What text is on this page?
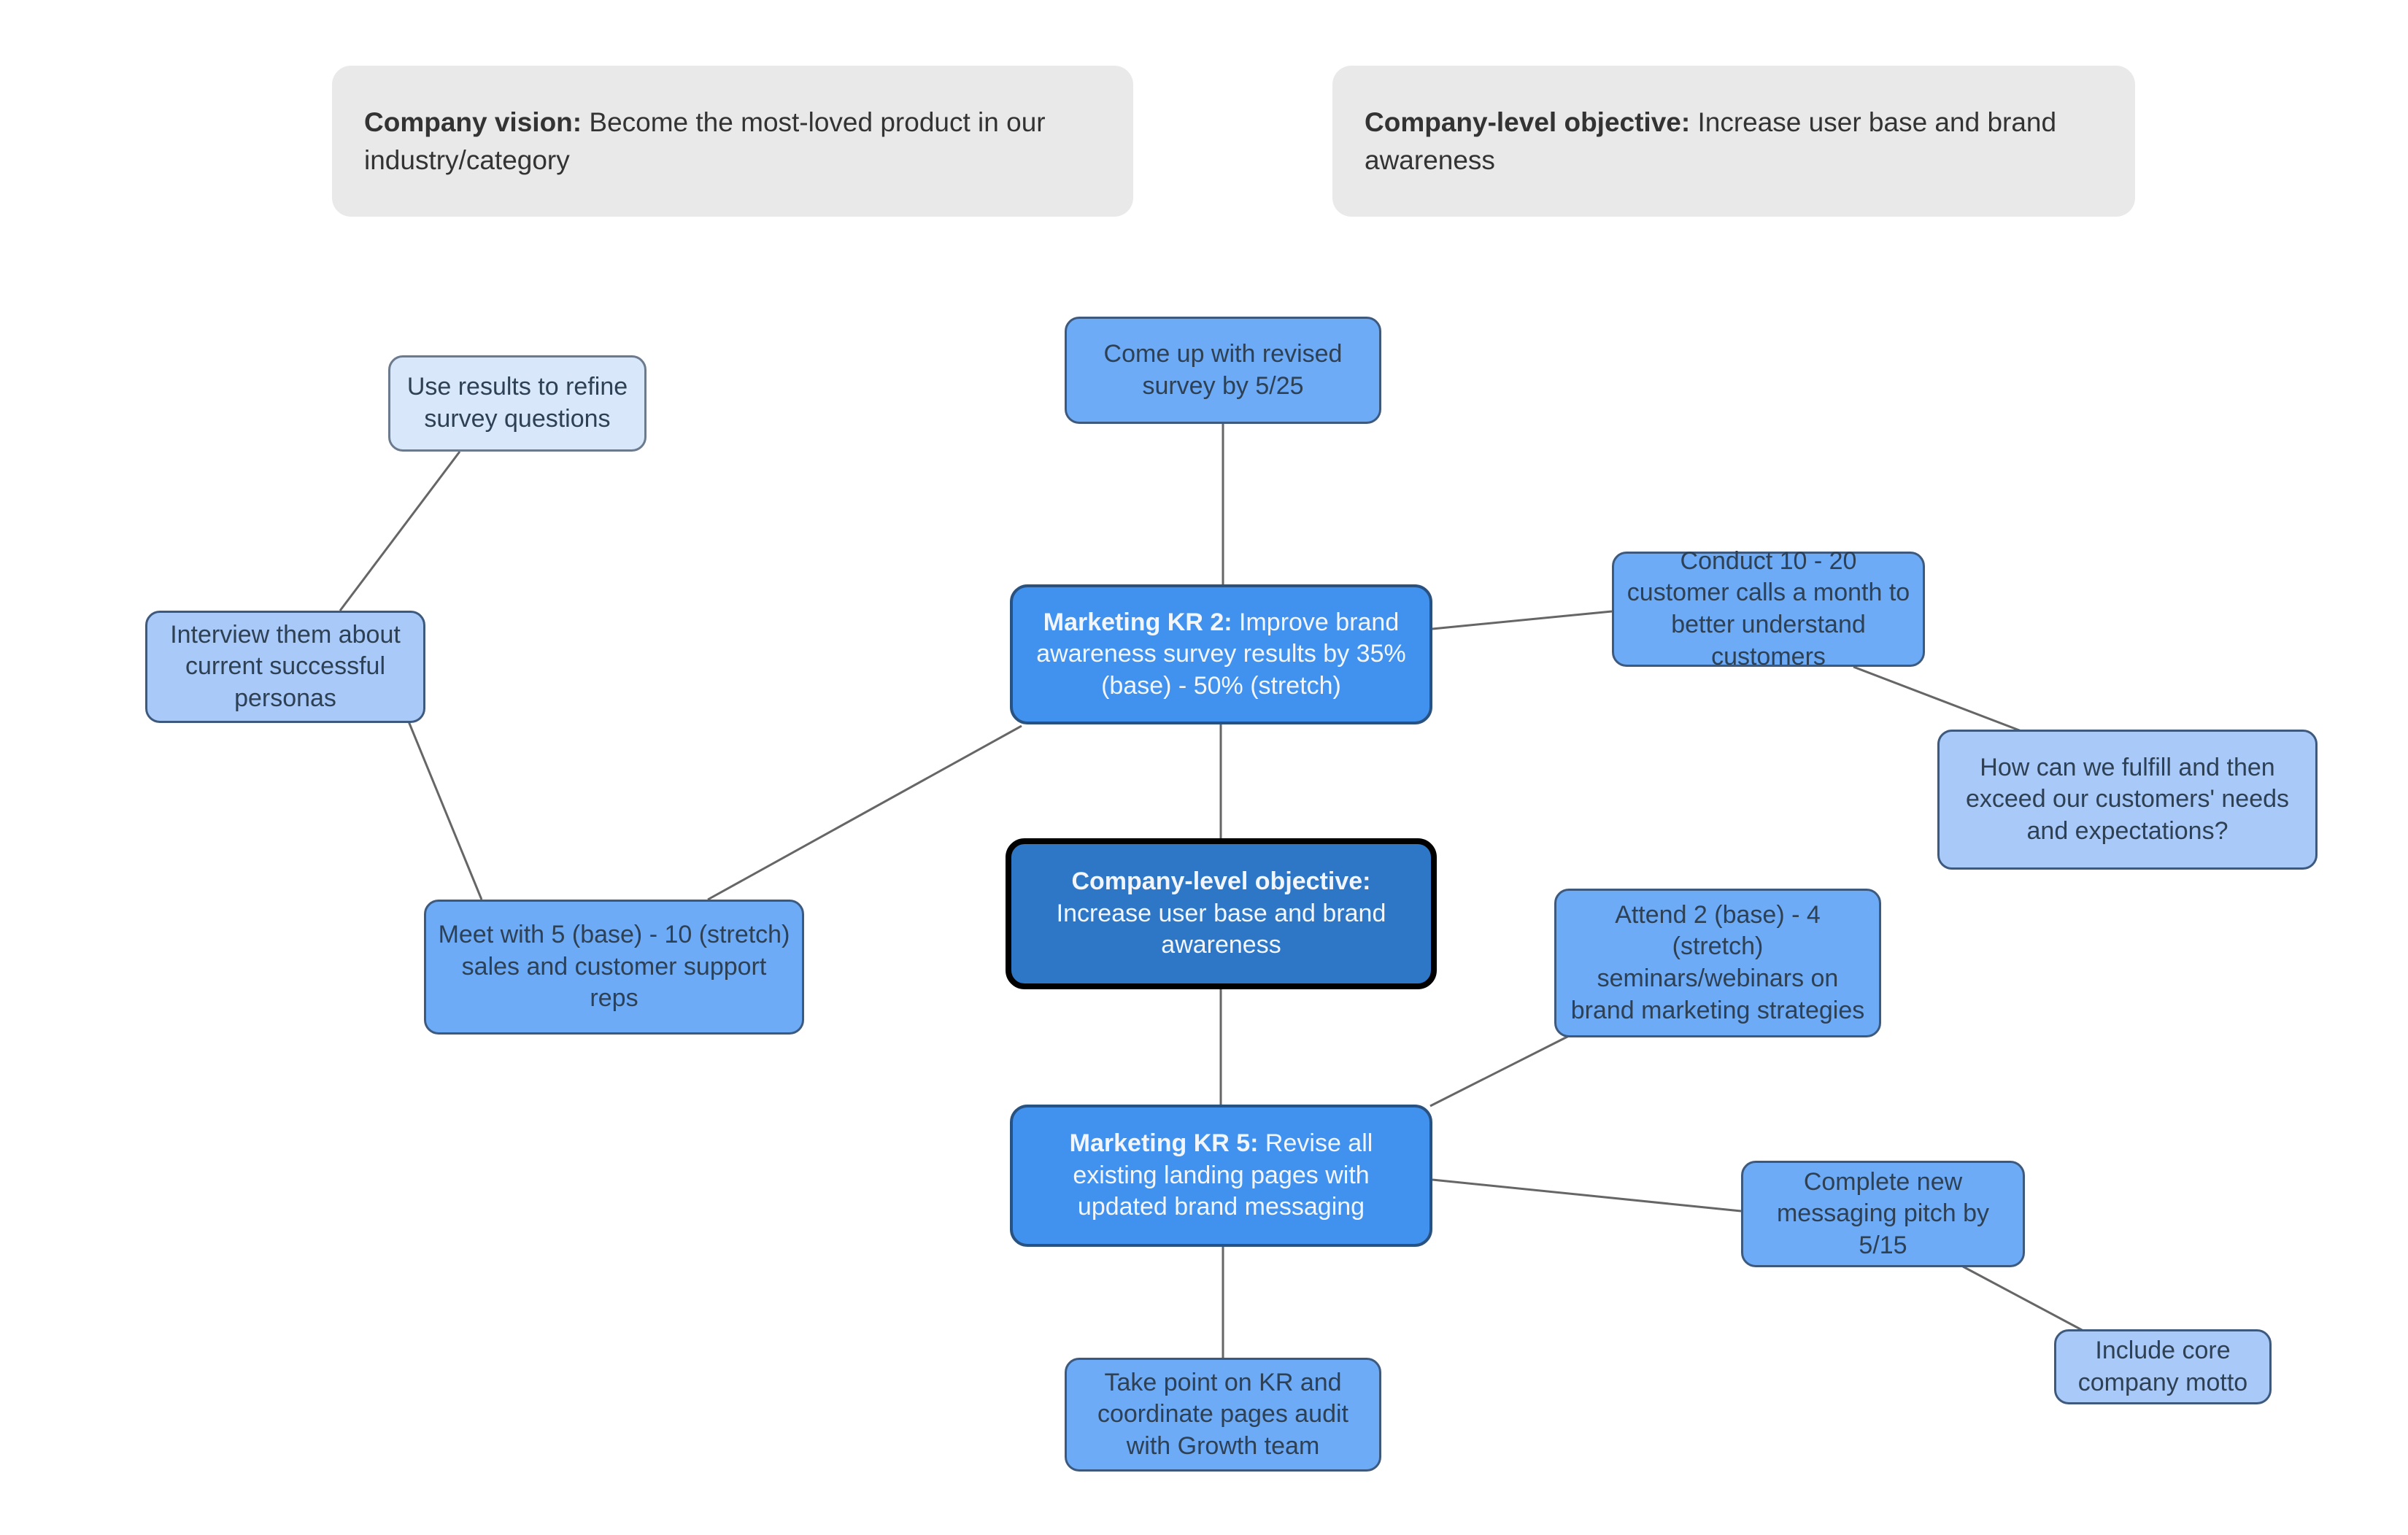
Company vision: Become the most-loved product in our industry/category
Company-level objective: Increase user base and brand awareness
Come up with revised survey by 5/25
Use results to refine survey questions
Interview them about current successful personas
Marketing KR 2: Improve brand awareness survey results by 35% (base) - 50% (stretch)
Conduct 10 - 20 customer calls a month to better understand customers
How can we fulfill and then exceed our customers' needs and expectations?
Company-level objective: Increase user base and brand awareness
Meet with 5 (base) - 10 (stretch) sales and customer support reps
Attend 2 (base) - 4 (stretch) seminars/webinars on brand marketing strategies
Marketing KR 5: Revise all existing landing pages with updated brand messaging
Complete new messaging pitch by 5/15
Include core company motto
Take point on KR and coordinate pages audit with Growth team
